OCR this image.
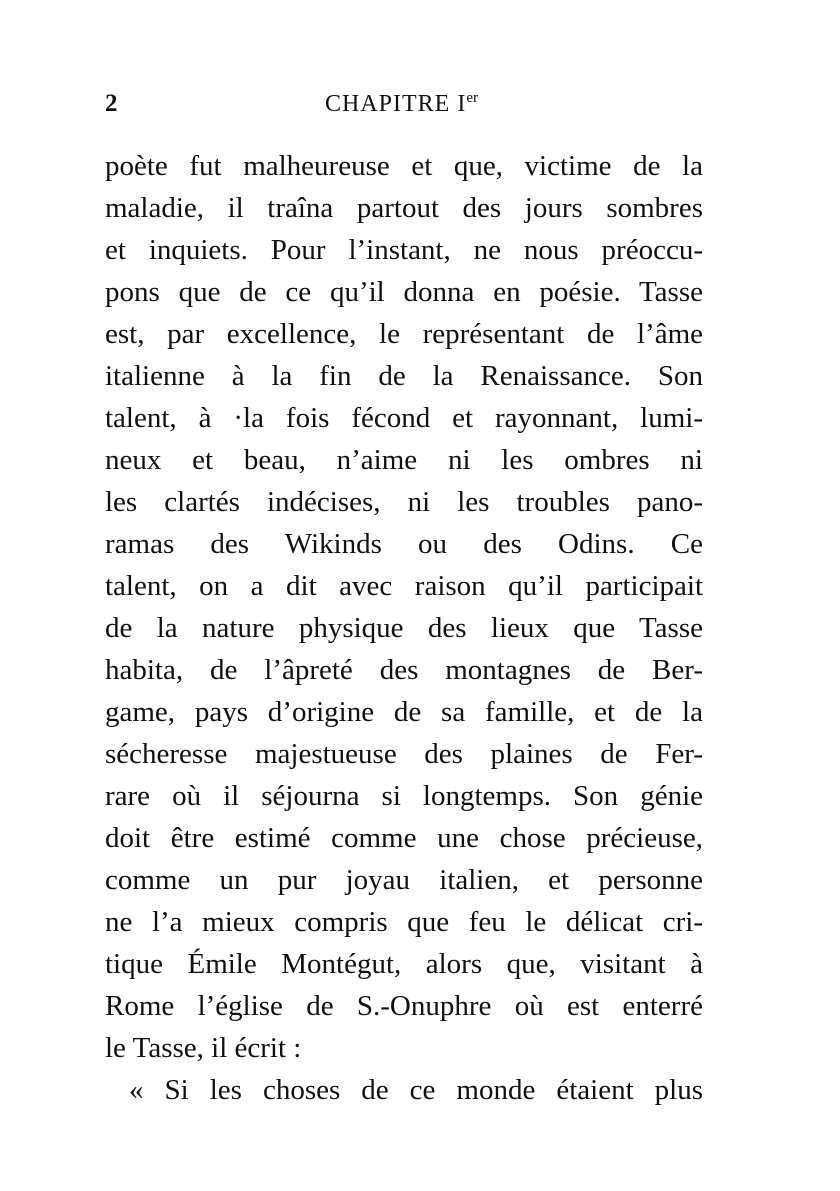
2	CHAPITRE Ier
poète fut malheureuse et que, victime de la
maladie, il traîna partout des jours sombres
et inquiets. Pour l’instant, ne nous préoccu-
pons que de ce qu’il donna en poésie. Tasse
est, par excellence, le représentant de l’âme
italienne à la fin de la Renaissance. Son
talent, à ·la fois fécond et rayonnant, lumi-
neux et beau, n’aime ni les ombres ni
les clartés indécises, ni les troubles pano-
ramas des Wikinds ou des Odins. Ce
talent, on a dit avec raison qu’il participait
de la nature physique des lieux que Tasse
habita, de l’âpreté des montagnes de Ber-
game, pays d’origine de sa famille, et de la
sécheresse majestueuse des plaines de Fer-
rare où il séjourna si longtemps. Son génie
doit être estimé comme une chose précieuse,
comme un pur joyau italien, et personne
ne l’a mieux compris que feu le délicat cri-
tique Émile Montégut, alors que, visitant à
Rome l’église de S.-Onuphre où est enterré
le Tasse, il écrit :
« Si les choses de ce monde étaient plus
